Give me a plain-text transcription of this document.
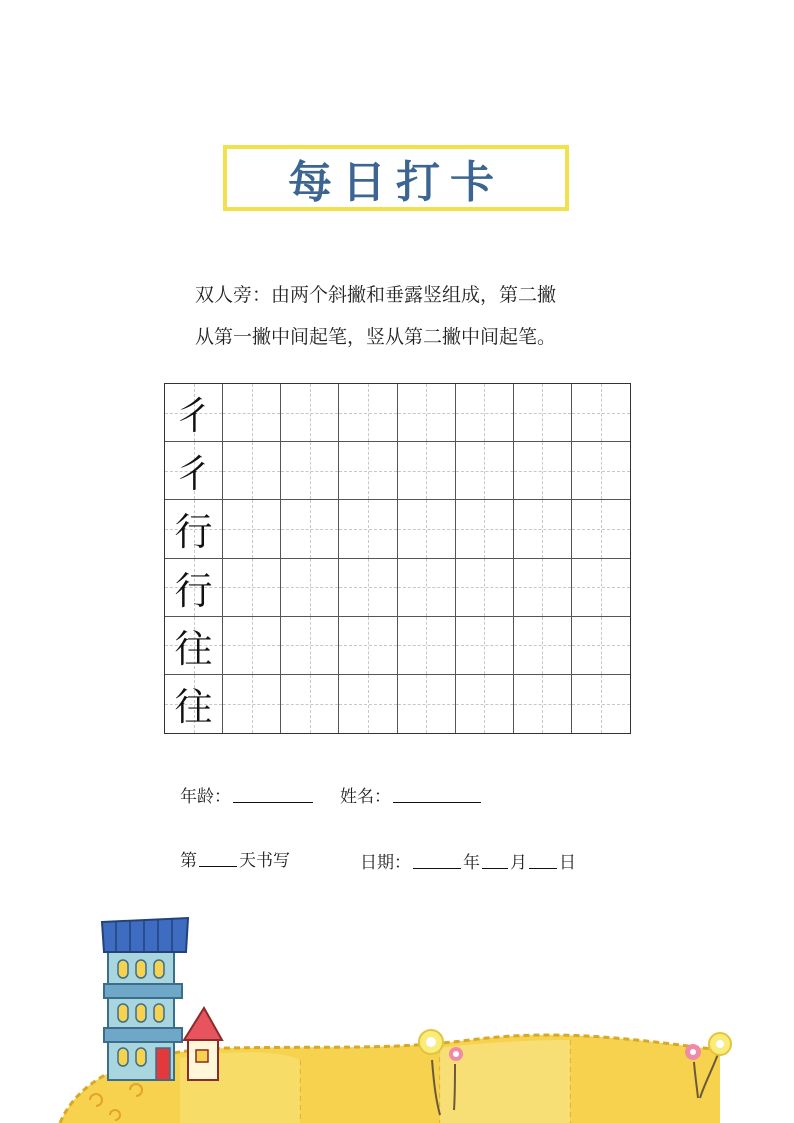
每日打卡
双人旁：由两个斜撇和垂露竖组成，第二撇
从第一撇中间起笔，竖从第二撇中间起笔。
彳
彳
行
行
往
往
年龄：	姓名：
第 天书写	日期：	年 月 日
